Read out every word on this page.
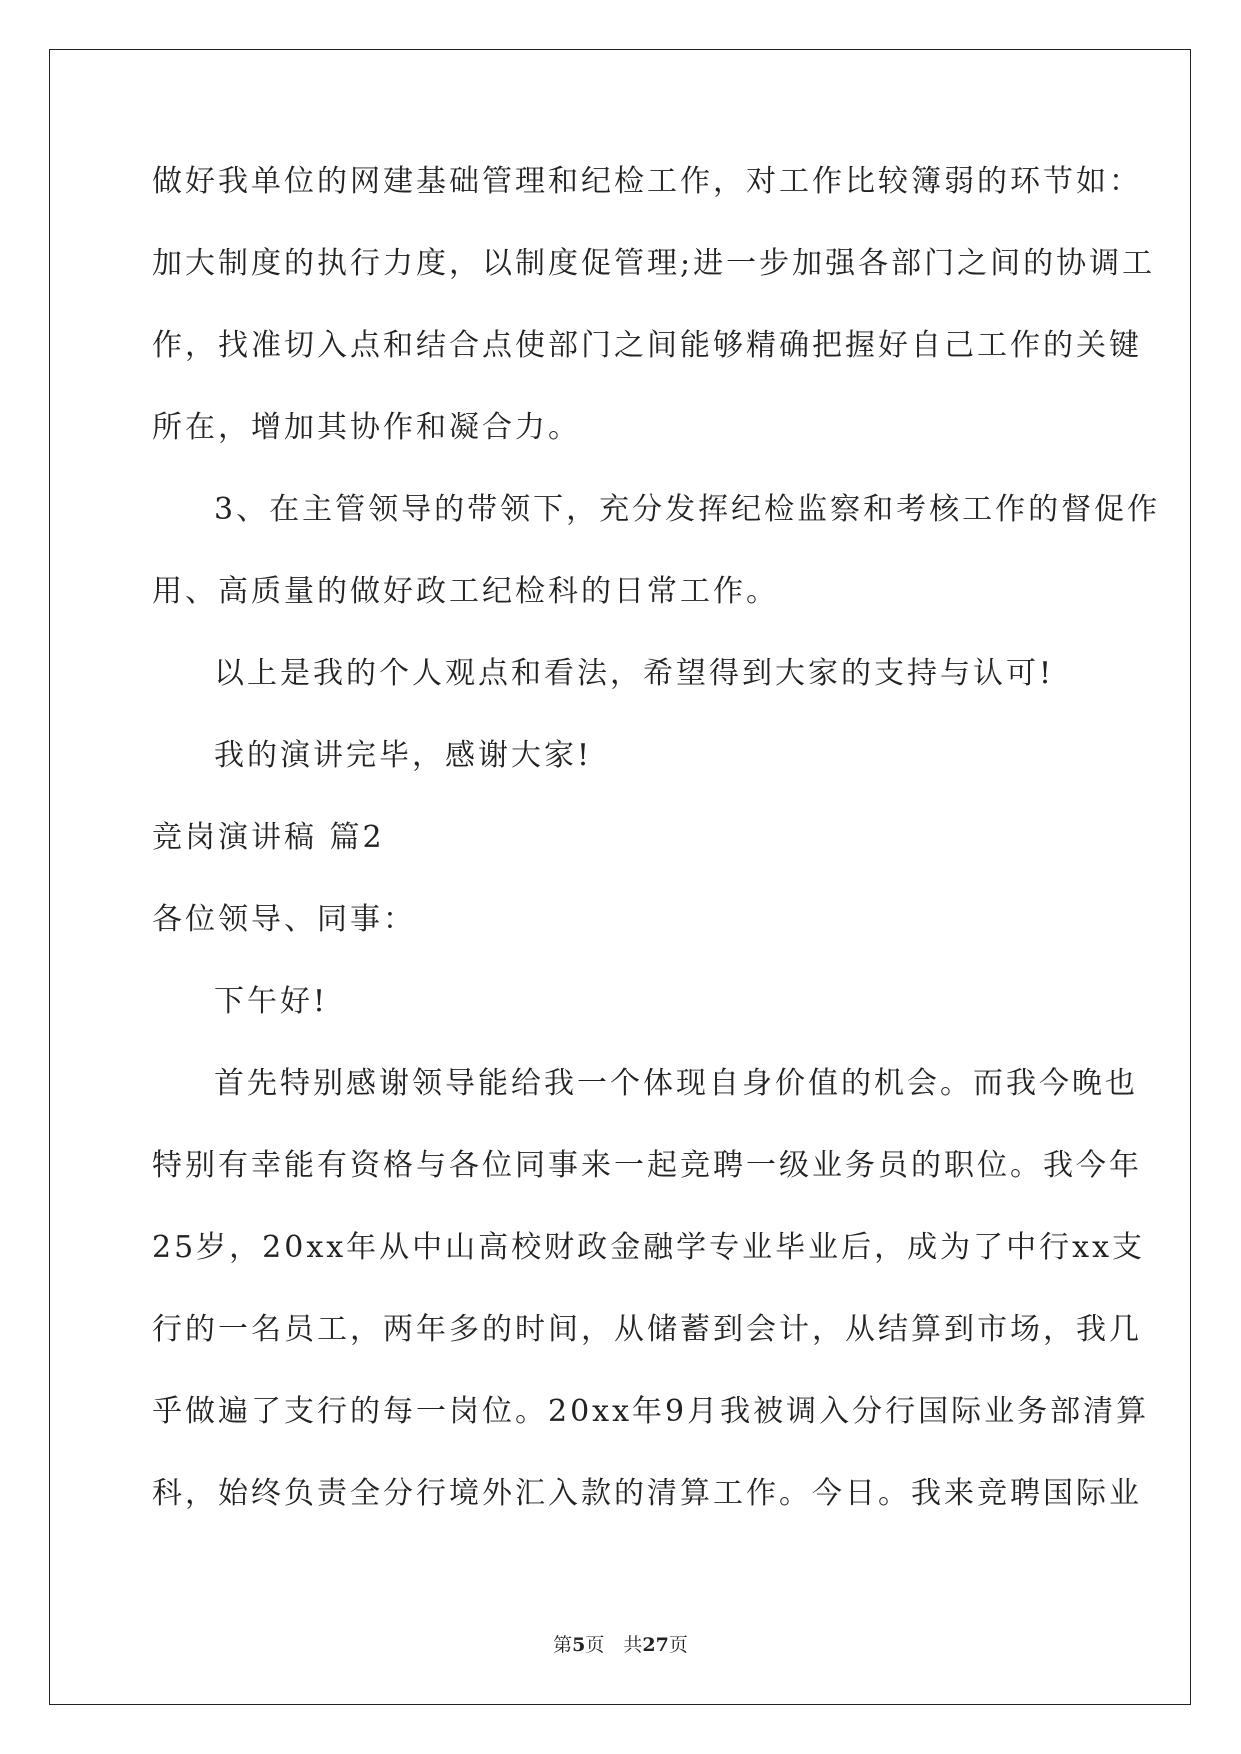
做好我单位的网建基础管理和纪检工作，对工作比较簿弱的环节如：
加大制度的执行力度，以制度促管理;进一步加强各部门之间的协调工
作，找准切入点和结合点使部门之间能够精确把握好自己工作的关键
所在，增加其协作和凝合力。
3、在主管领导的带领下，充分发挥纪检监察和考核工作的督促作
用、高质量的做好政工纪检科的日常工作。
以上是我的个人观点和看法，希望得到大家的支持与认可!
我的演讲完毕，感谢大家!
竞岗演讲稿 篇2
各位领导、同事：
下午好!
首先特别感谢领导能给我一个体现自身价值的机会。而我今晚也
特别有幸能有资格与各位同事来一起竞聘一级业务员的职位。我今年
25岁，20xx年从中山高校财政金融学专业毕业后，成为了中行xx支
行的一名员工，两年多的时间，从储蓄到会计，从结算到市场，我几
乎做遍了支行的每一岗位。20xx年9月我被调入分行国际业务部清算
科，始终负责全分行境外汇入款的清算工作。今日。我来竞聘国际业
第5页　共27页
